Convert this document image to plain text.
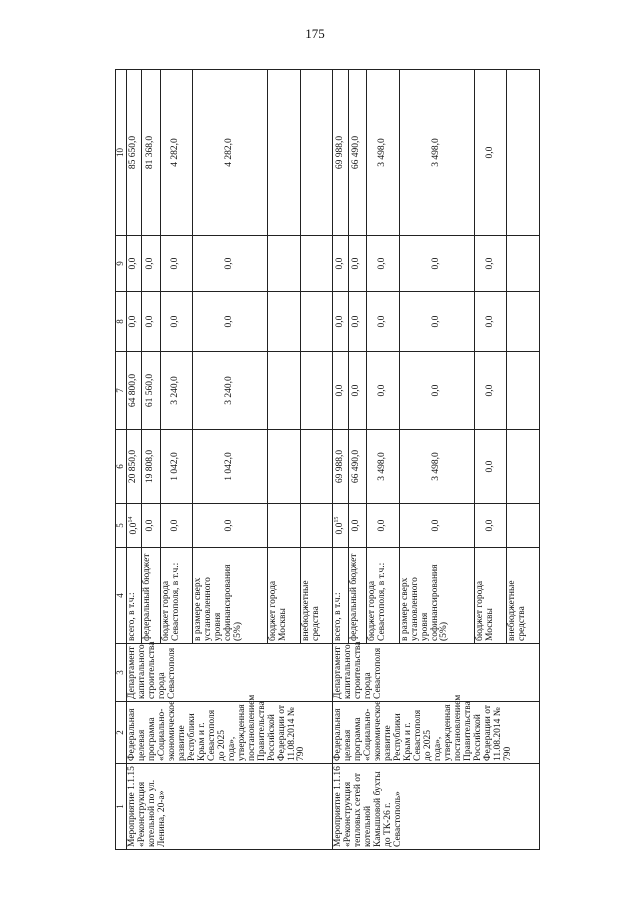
175
1	2	3	4	5	6	7	8	9	10
Мероприятие 1.1.15 «Реконструкция котельной по ул. Ленина, 20-а»	Федеральная целевая программа «Социально-экономическое развитие Республики Крым и г. Севастополя до 2025 года», утвержденная постановлением Правительства Российской Федерации от 11.08.2014 № 790	Департамент капитального строительства города Севастополя	всего, в т.ч.:	$0,0^{14}$	20 850,0	64 800,0	0,0	0,0	85 650,0
			федеральный бюджет	0,0	19 808,0	61 560,0	0,0	0,0	81 368,0
			бюджет города Севастополя, в т.ч.:	0,0	1 042,0	3 240,0	0,0	0,0	4 282,0
			в размере сверх установленного уровня софинансирования (5%)	0,0	1 042,0	3 240,0	0,0	0,0	4 282,0
			бюджет города Москвы						
			внебюджетные средства						
Мероприятие 1.1.16 «Реконструкция тепловых сетей от котельной Камышовой бухты до ТК-26 г. Севастополь»	Федеральная целевая программа «Социально-экономическое развитие Республики Крым и г. Севастополя до 2025 года», утвержденная постановлением Правительства Российской Федерации от 11.08.2014 № 790	Департамент капитального строительства города Севастополя	всего, в т.ч.:	$0,0^{15}$	69 988,0	0,0	0,0	0,0	69 988,0
			федеральный бюджет	0,0	66 490,0	0,0	0,0	0,0	66 490,0
			бюджет города Севастополя, в т.ч.:	0,0	3 498,0	0,0	0,0	0,0	3 498,0
			в размере сверх установленного уровня софинансирования (5%)	0,0	3 498,0	0,0	0,0	0,0	3 498,0
			бюджет города Москвы	0,0	0,0	0,0	0,0	0,0	0,0
			внебюджетные средства						
